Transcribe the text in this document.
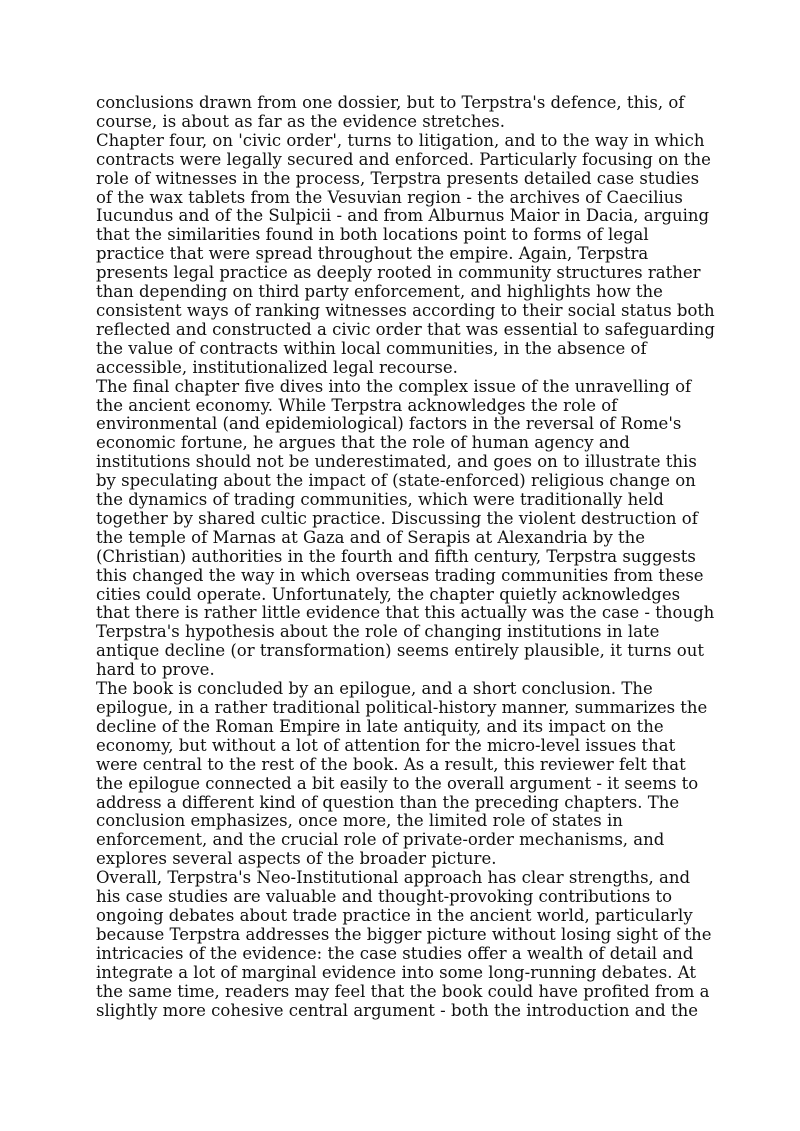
conclusions drawn from one dossier, but to Terpstra's defence, this, of
course, is about as far as the evidence stretches.

Chapter four, on 'civic order', turns to litigation, and to the way in which
contracts were legally secured and enforced. Particularly focusing on the
role of witnesses in the process, Terpstra presents detailed case studies
of the wax tablets from the Vesuvian region - the archives of Caecilius
Iucundus and of the Sulpicii - and from Alburnus Maior in Dacia, arguing
that the similarities found in both locations point to forms of legal
practice that were spread throughout the empire. Again, Terpstra
presents legal practice as deeply rooted in community structures rather
than depending on third party enforcement, and highlights how the
consistent ways of ranking witnesses according to their social status both
reflected and constructed a civic order that was essential to safeguarding
the value of contracts within local communities, in the absence of
accessible, institutionalized legal recourse.

The final chapter five dives into the complex issue of the unravelling of
the ancient economy. While Terpstra acknowledges the role of
environmental (and epidemiological) factors in the reversal of Rome's
economic fortune, he argues that the role of human agency and
institutions should not be underestimated, and goes on to illustrate this
by speculating about the impact of (state-enforced) religious change on
the dynamics of trading communities, which were traditionally held
together by shared cultic practice. Discussing the violent destruction of
the temple of Marnas at Gaza and of Serapis at Alexandria by the
(Christian) authorities in the fourth and fifth century, Terpstra suggests
this changed the way in which overseas trading communities from these
cities could operate. Unfortunately, the chapter quietly acknowledges
that there is rather little evidence that this actually was the case - though
Terpstra's hypothesis about the role of changing institutions in late
antique decline (or transformation) seems entirely plausible, it turns out
hard to prove.

The book is concluded by an epilogue, and a short conclusion. The
epilogue, in a rather traditional political-history manner, summarizes the
decline of the Roman Empire in late antiquity, and its impact on the
economy, but without a lot of attention for the micro-level issues that
were central to the rest of the book. As a result, this reviewer felt that
the epilogue connected a bit easily to the overall argument - it seems to
address a different kind of question than the preceding chapters. The
conclusion emphasizes, once more, the limited role of states in
enforcement, and the crucial role of private-order mechanisms, and
explores several aspects of the broader picture.

Overall, Terpstra's Neo-Institutional approach has clear strengths, and
his case studies are valuable and thought-provoking contributions to
ongoing debates about trade practice in the ancient world, particularly
because Terpstra addresses the bigger picture without losing sight of the
intricacies of the evidence: the case studies offer a wealth of detail and
integrate a lot of marginal evidence into some long-running debates. At
the same time, readers may feel that the book could have profited from a
slightly more cohesive central argument - both the introduction and the
